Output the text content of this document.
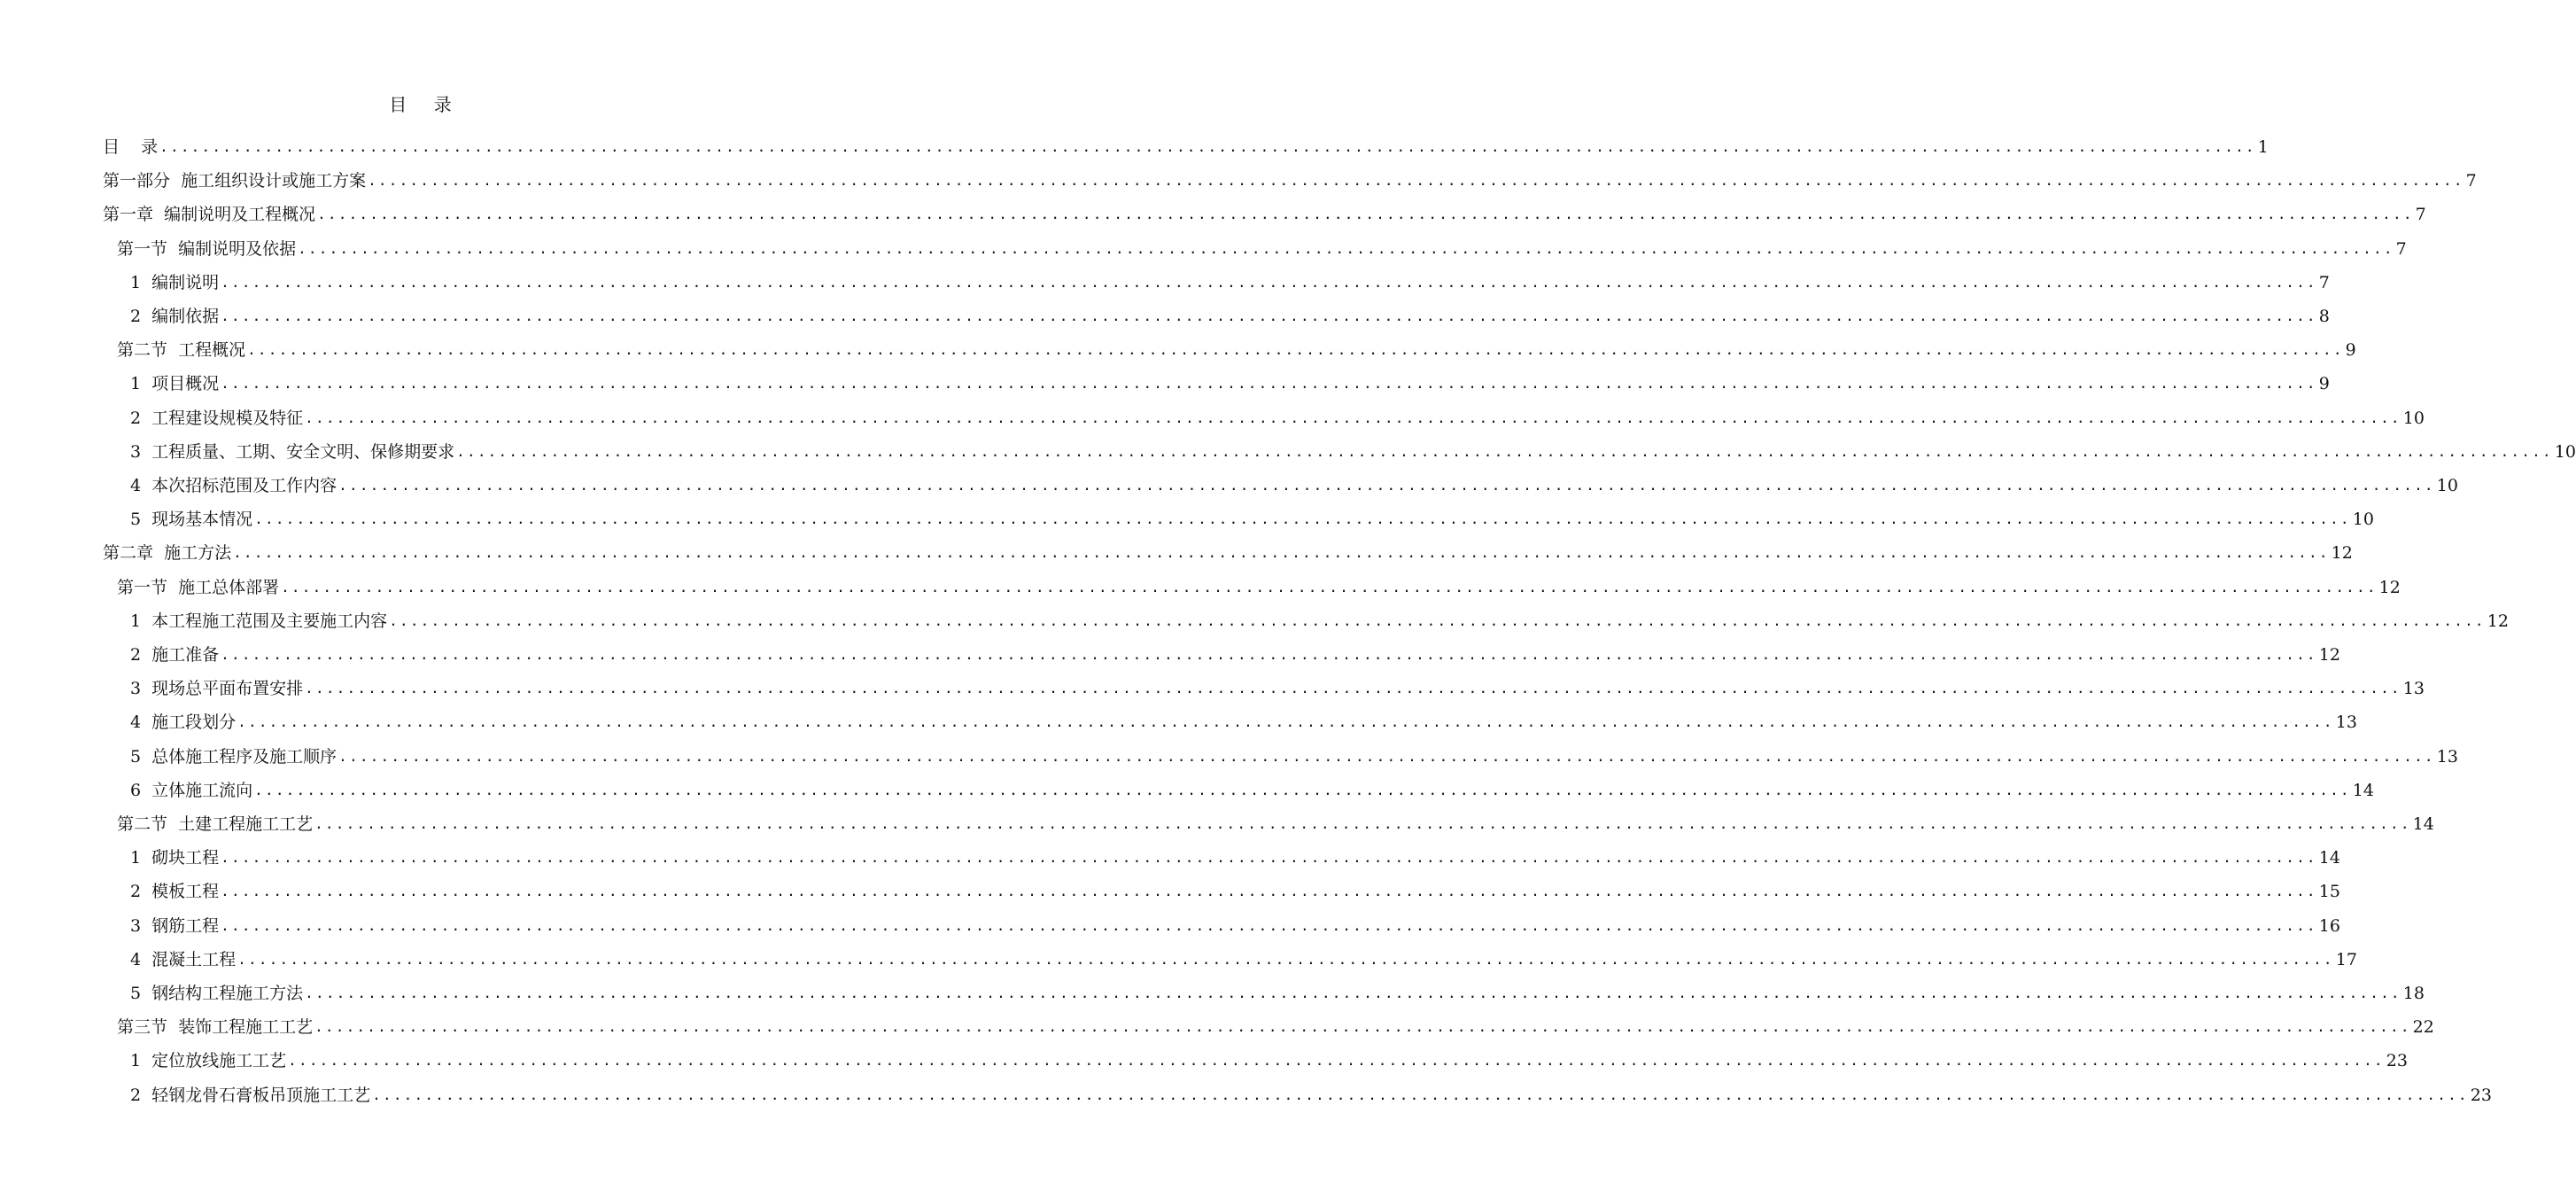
目    录
目    录 ........................................................................................................................................................................................................ 1
第一部分  施工组织设计或施工方案 ........................................................................................................................................................................................................ 7
第一章  编制说明及工程概况 ........................................................................................................................................................................................................ 7
第一节  编制说明及依据 ........................................................................................................................................................................................................ 7
1  编制说明 ........................................................................................................................................................................................................ 7
2  编制依据 ........................................................................................................................................................................................................ 8
第二节  工程概况 ........................................................................................................................................................................................................ 9
1  项目概况 ........................................................................................................................................................................................................ 9
2  工程建设规模及特征 ........................................................................................................................................................................................................ 10
3  工程质量、工期、安全文明、保修期要求 ........................................................................................................................................................................................................ 10
4  本次招标范围及工作内容 ........................................................................................................................................................................................................ 10
5  现场基本情况 ........................................................................................................................................................................................................ 10
第二章  施工方法 ........................................................................................................................................................................................................ 12
第一节  施工总体部署 ........................................................................................................................................................................................................ 12
1  本工程施工范围及主要施工内容 ........................................................................................................................................................................................................ 12
2  施工准备 ........................................................................................................................................................................................................ 12
3  现场总平面布置安排 ........................................................................................................................................................................................................ 13
4  施工段划分 ........................................................................................................................................................................................................ 13
5  总体施工程序及施工顺序 ........................................................................................................................................................................................................ 13
6  立体施工流向 ........................................................................................................................................................................................................ 14
第二节  土建工程施工工艺 ........................................................................................................................................................................................................ 14
1  砌块工程 ........................................................................................................................................................................................................ 14
2  模板工程 ........................................................................................................................................................................................................ 15
3  钢筋工程 ........................................................................................................................................................................................................ 16
4  混凝土工程 ........................................................................................................................................................................................................ 17
5  钢结构工程施工方法 ........................................................................................................................................................................................................ 18
第三节  装饰工程施工工艺 ........................................................................................................................................................................................................ 22
1  定位放线施工工艺 ........................................................................................................................................................................................................ 23
2  轻钢龙骨石膏板吊顶施工工艺 ........................................................................................................................................................................................................ 23
